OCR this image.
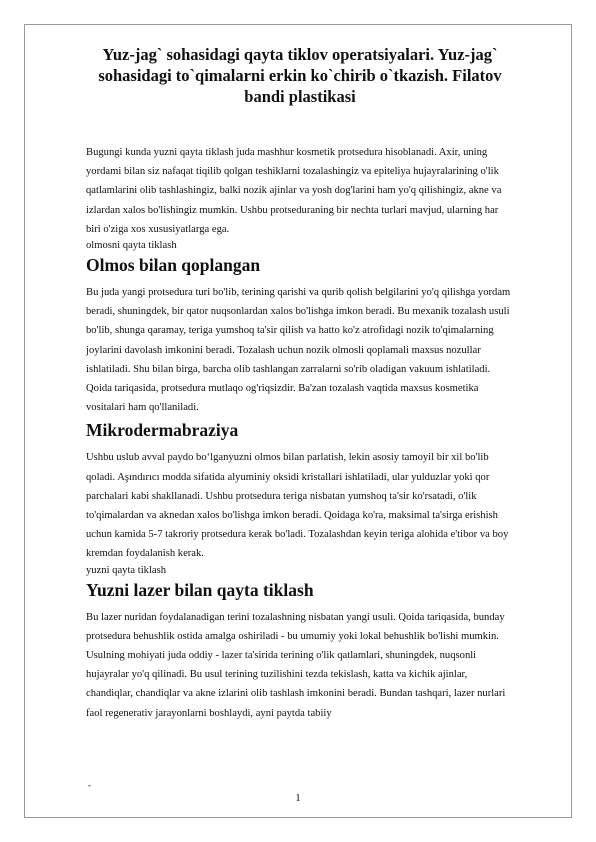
Yuz-jag` sohasidagi qayta tiklov operatsiyalari. Yuz-jag` sohasidagi to`qimalarni erkin ko`chirib o`tkazish. Filatov bandi plastikasi

Bugungi kunda yuzni qayta tiklash juda mashhur kosmetik protsedura hisoblanadi. Axir, uning yordami bilan siz nafaqat tiqilib qolgan teshiklarni tozalashingiz va epiteliya hujayralarining o'lik qatlamlarini olib tashlashingiz, balki nozik ajinlar va yosh dog'larini ham yo'q qilishingiz, akne va izlardan xalos bo'lishingiz mumkin. Ushbu protseduraning bir nechta turlari mavjud, ularning har biri o'ziga xos xususiyatlarga ega.

olmosni qayta tiklash

Olmos bilan qoplangan

Bu juda yangi protsedura turi bo'lib, terining qarishi va qurib qolish belgilarini yo'q qilishga yordam beradi, shuningdek, bir qator nuqsonlardan xalos bo'lishga imkon beradi. Bu mexanik tozalash usuli bo'lib, shunga qaramay, teriga yumshoq ta'sir qilish va hatto ko'z atrofidagi nozik to'qimalarning joylarini davolash imkonini beradi. Tozalash uchun nozik olmosli qoplamali maxsus nozullar ishlatiladi. Shu bilan birga, barcha olib tashlangan zarralarni so'rib oladigan vakuum ishlatiladi. Qoida tariqasida, protsedura mutlaqo og'riqsizdir. Ba'zan tozalash vaqtida maxsus kosmetika vositalari ham qo'llaniladi.

Mikrodermabraziya

Ushbu uslub avval paydo bo‘lganyuzni olmos bilan parlatish, lekin asosiy tamoyil bir xil bo'lib qoladi. Aşındırıcı modda sifatida alyuminiy oksidi kristallari ishlatiladi, ular yulduzlar yoki qor parchalari kabi shakllanadi. Ushbu protsedura teriga nisbatan yumshoq ta'sir ko'rsatadi, o'lik to'qimalardan va aknedan xalos bo'lishga imkon beradi. Qoidaga ko'ra, maksimal ta'sirga erishish uchun kamida 5-7 takroriy protsedura kerak bo'ladi. Tozalashdan keyin teriga alohida e'tibor va boy kremdan foydalanish kerak.

yuzni qayta tiklash

Yuzni lazer bilan qayta tiklash

Bu lazer nuridan foydalanadigan terini tozalashning nisbatan yangi usuli. Qoida tariqasida, bunday protsedura behushlik ostida amalga oshiriladi - bu umumiy yoki lokal behushlik bo'lishi mumkin. Usulning mohiyati juda oddiy - lazer ta'sirida terining o'lik qatlamlari, shuningdek, nuqsonli hujayralar yo'q qilinadi. Bu usul terining tuzilishini tezda tekislash, katta va kichik ajinlar, chandiqlar, chandiqlar va akne izlarini olib tashlash imkonini beradi. Bundan tashqari, lazer nurlari faol regenerativ jarayonlarni boshlaydi, ayni paytda tabiiy

-
1
